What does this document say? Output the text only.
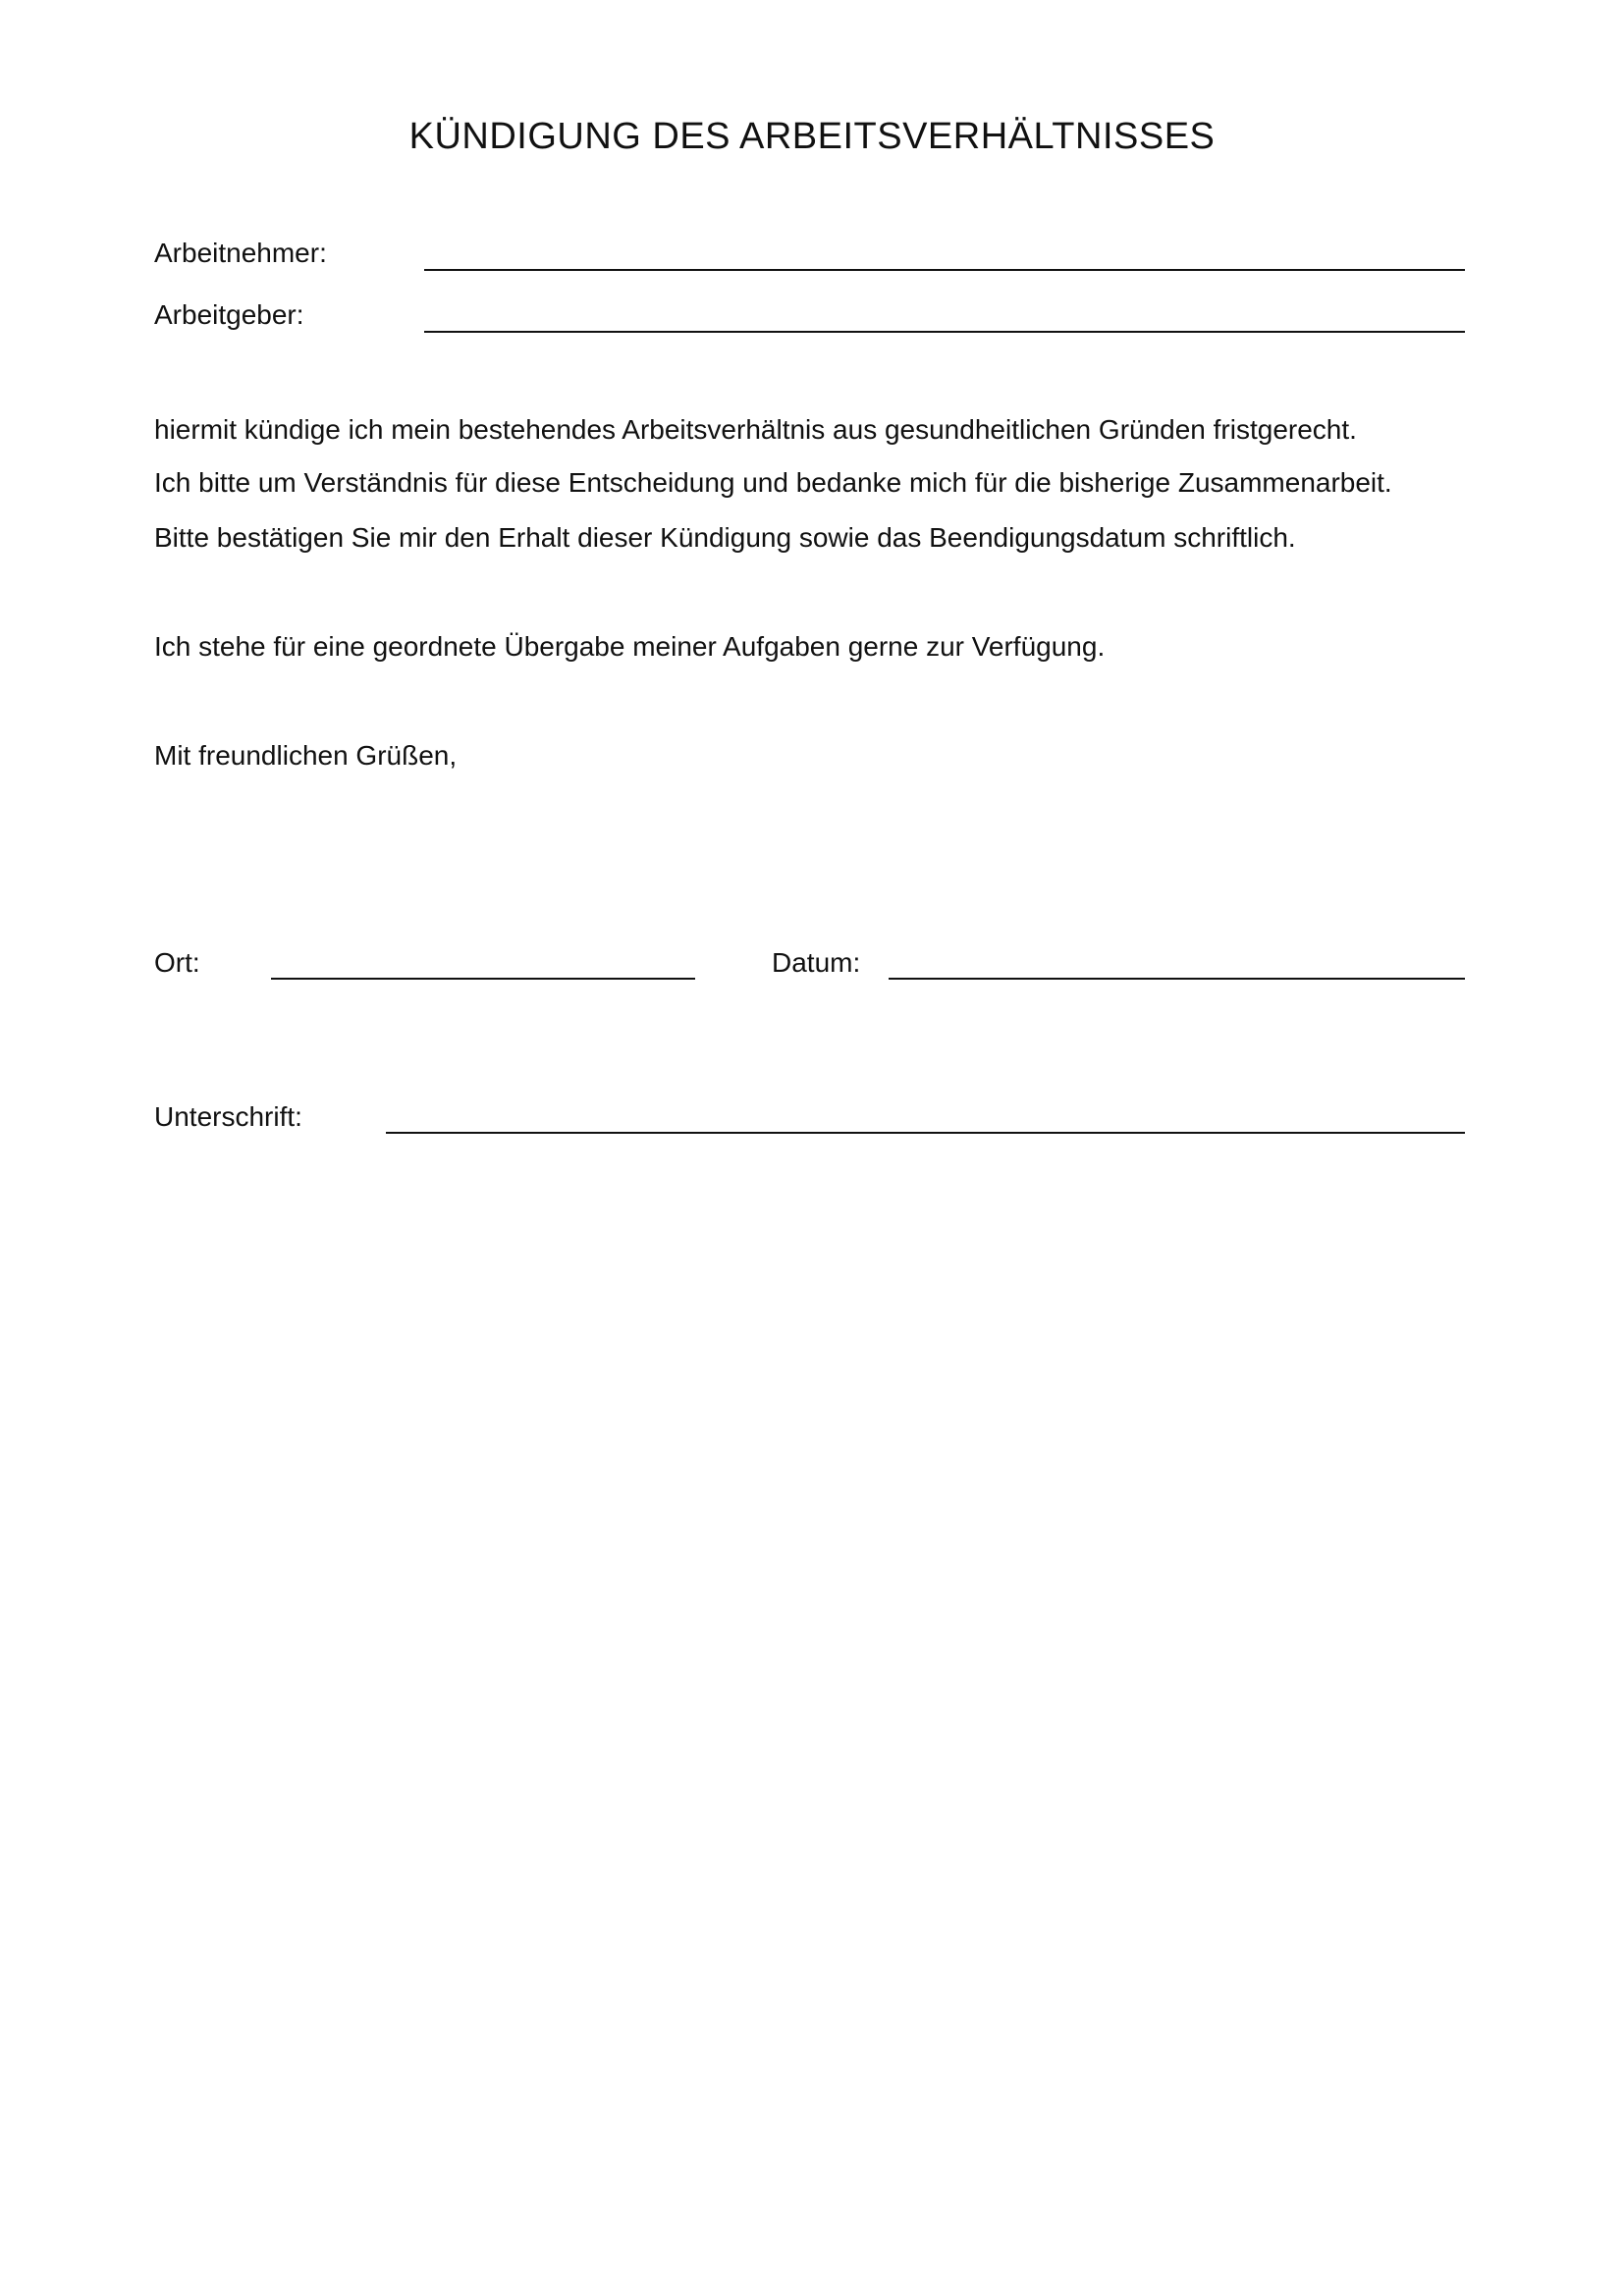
KÜNDIGUNG DES ARBEITSVERHÄLTNISSES

Arbeitnehmer:

Arbeitgeber:

hiermit kündige ich mein bestehendes Arbeitsverhältnis aus gesundheitlichen Gründen fristgerecht.

Ich bitte um Verständnis für diese Entscheidung und bedanke mich für die bisherige Zusammenarbeit.

Bitte bestätigen Sie mir den Erhalt dieser Kündigung sowie das Beendigungsdatum schriftlich.

Ich stehe für eine geordnete Übergabe meiner Aufgaben gerne zur Verfügung.

Mit freundlichen Grüßen,

Ort:	Datum:

Unterschrift:
